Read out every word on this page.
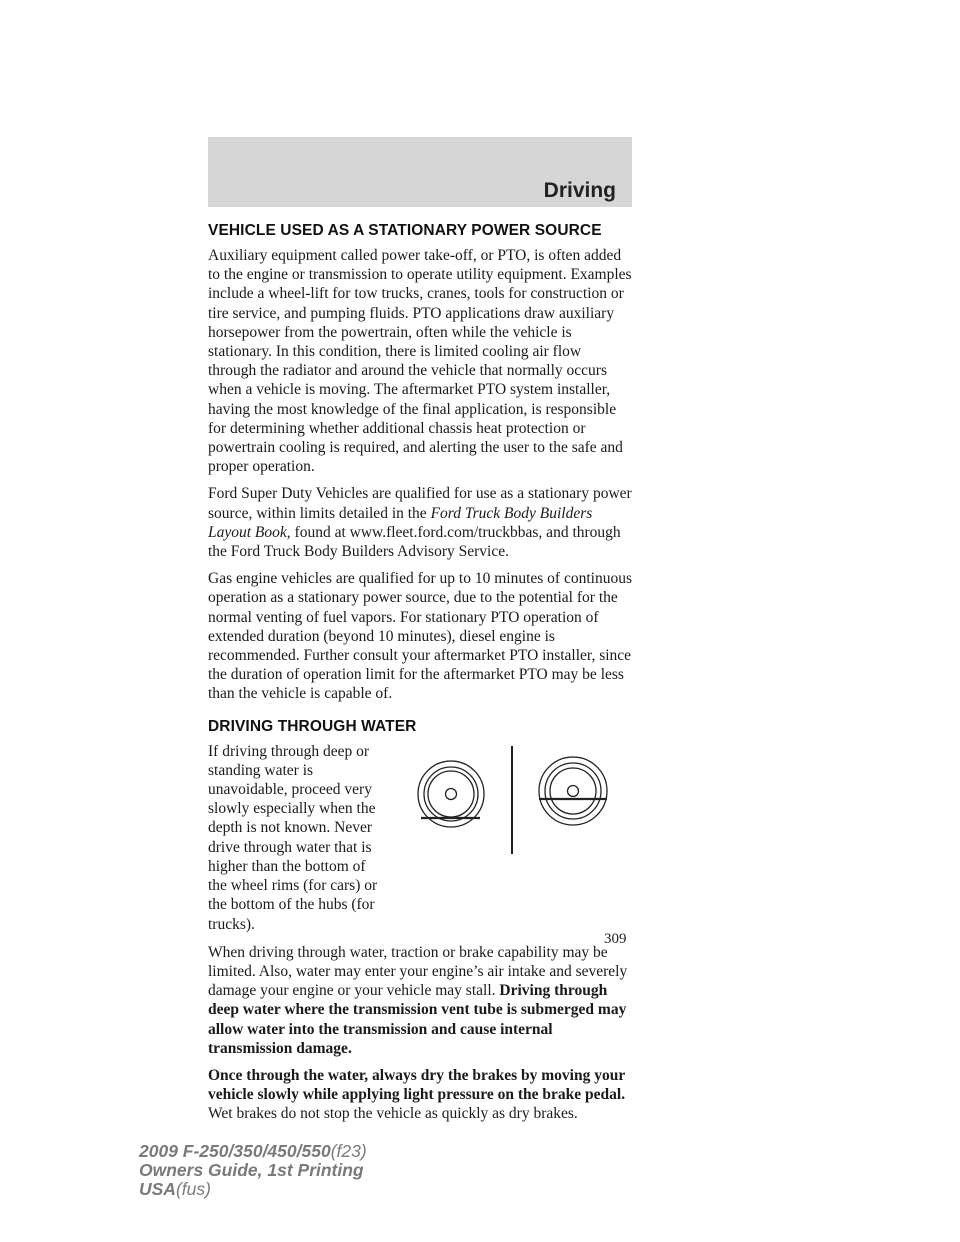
Driving
VEHICLE USED AS A STATIONARY POWER SOURCE

Auxiliary equipment called power take-off, or PTO, is often added to the engine or transmission to operate utility equipment. Examples include a wheel-lift for tow trucks, cranes, tools for construction or tire service, and pumping fluids. PTO applications draw auxiliary horsepower from the powertrain, often while the vehicle is stationary. In this condition, there is limited cooling air flow through the radiator and around the vehicle that normally occurs when a vehicle is moving. The aftermarket PTO system installer, having the most knowledge of the final application, is responsible for determining whether additional chassis heat protection or powertrain cooling is required, and alerting the user to the safe and proper operation.

Ford Super Duty Vehicles are qualified for use as a stationary power source, within limits detailed in the Ford Truck Body Builders Layout Book, found at www.fleet.ford.com/truckbbas, and through the Ford Truck Body Builders Advisory Service.

Gas engine vehicles are qualified for up to 10 minutes of continuous operation as a stationary power source, due to the potential for the normal venting of fuel vapors. For stationary PTO operation of extended duration (beyond 10 minutes), diesel engine is recommended. Further consult your aftermarket PTO installer, since the duration of operation limit for the aftermarket PTO may be less than the vehicle is capable of.

DRIVING THROUGH WATER

If driving through deep or standing water is unavoidable, proceed very slowly especially when the depth is not known. Never drive through water that is higher than the bottom of the wheel rims (for cars) or the bottom of the hubs (for trucks).

When driving through water, traction or brake capability may be limited. Also, water may enter your engine’s air intake and severely damage your engine or your vehicle may stall. Driving through deep water where the transmission vent tube is submerged may allow water into the transmission and cause internal transmission damage.

Once through the water, always dry the brakes by moving your vehicle slowly while applying light pressure on the brake pedal.

Wet brakes do not stop the vehicle as quickly as dry brakes.

309
2009 F-250/350/450/550(f23)
Owners Guide, 1st Printing
USA(fus)
